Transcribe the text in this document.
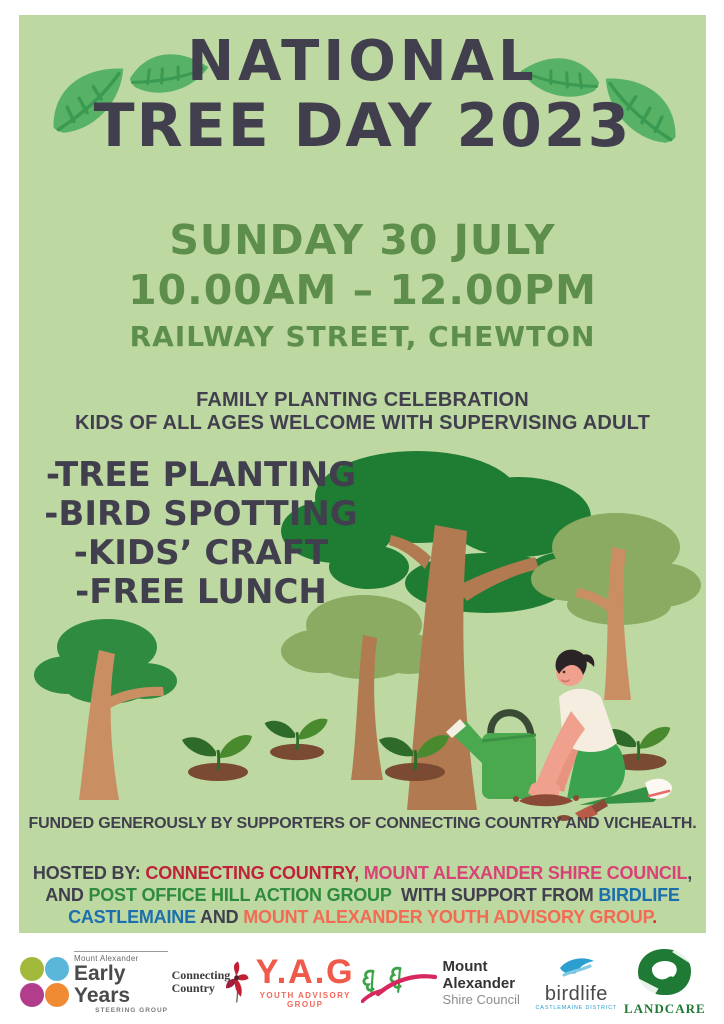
NATIONAL
TREE DAY 2023
SUNDAY 30 JULY
10.00AM – 12.00PM
RAILWAY STREET, CHEWTON
FAMILY PLANTING CELEBRATION
KIDS OF ALL AGES WELCOME WITH SUPERVISING ADULT
-TREE PLANTING
-BIRD SPOTTING
-KIDS’ CRAFT
-FREE LUNCH
FUNDED GENEROUSLY BY SUPPORTERS OF CONNECTING COUNTRY AND VICHEALTH.
HOSTED BY: CONNECTING COUNTRY, MOUNT ALEXANDER SHIRE COUNCIL,
AND POST OFFICE HILL ACTION GROUP  WITH SUPPORT FROM BIRDLIFE
CASTLEMAINE AND MOUNT ALEXANDER YOUTH ADVISORY GROUP.
Mount Alexander
Early Years
STEERING GROUP
Connecting
Country	Y.A.G
YOUTH ADVISORY GROUP
Mount Alexander
Shire Council	birdlife
CASTLEMAINE DISTRICT LANDCARE
